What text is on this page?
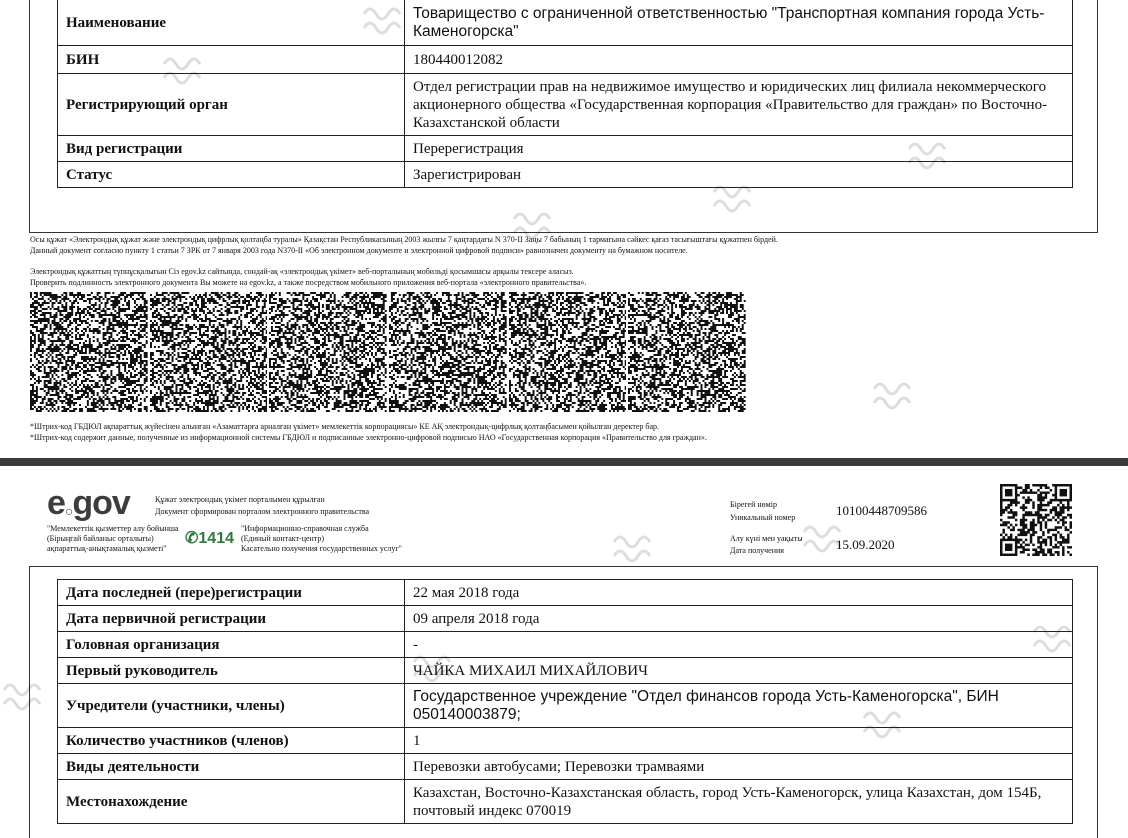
Наименование	Товарищество с ограниченной ответственностью "Транспортная компания города Усть-Каменогорска"
БИН	180440012082
Регистрирующий орган	Отдел регистрации прав на недвижимое имущество и юридических лиц филиала некоммерческого акционерного общества «Государственная корпорация «Правительство для граждан» по Восточно-Казахстанской области
Вид регистрации	Перерегистрация
Статус	Зарегистрирован
Осы құжат «Электрондық құжат және электрондық цифрлық қолтаңба туралы» Қазақстан Республикасының 2003 жылғы 7 қаңтардағы N 370-II Заңы 7 бабының 1 тармағына сәйкес қағаз тасығыштағы құжатпен бірдей.
Данный документ согласно пункту 1 статьи 7 ЗРК от 7 января 2003 года N370-II «Об электронном документе и электронной цифровой подписи» равнозначен документу на бумажном носителе.
Электрондық құжаттың түпнұсқалығын Сіз egov.kz сайтында, сондай-ақ «электрондық үкімет» веб-порталының мобильді қосымшасы арқылы тексере аласыз.
Проверить подлинность электронного документа Вы можете на egov.kz, а также посредством мобильного приложения веб-портала «электронного правительства».
*Штрих-код ГБДЮЛ ақпараттық жүйесінен алынған «Азаматтарға арналған үкімет» мемлекеттік корпорациясы» КЕ АҚ электрондық-цифрлық қолтаңбасымен қойылған деректер бар.
*Штрих-код содержит данные, полученные из информационной системы ГБДЮЛ и подписанные электронно-цифровой подписью НАО «Государственная корпорация «Правительство для граждан».
e○gov	Құжат электрондық үкімет порталымен құрылған
Документ сформирован порталом электронного правительства
"Мемлекеттік қызметтер алу бойынша
(Бірыңғай байланыс орталығы)
ақпараттық-анықтамалық қызметі"
✆1414
"Информационно-справочная служба
(Единый контакт-центр)
Касательно получения государственных услуг"
Бірегей нөмір
Уникальный номер	10100448709586
Алу күні мен уақыты
Дата получения	15.09.2020
Дата последней (пере)регистрации	22 мая 2018 года
Дата первичной регистрации	09 апреля 2018 года
Головная организация	-
Первый руководитель	ЧАЙКА МИХАИЛ МИХАЙЛОВИЧ
Учредители (участники, члены)	Государственное учреждение "Отдел финансов города Усть-Каменогорска", БИН 050140003879;
Количество участников (членов)	1
Виды деятельности	Перевозки автобусами; Перевозки трамваями
Местонахождение	Казахстан, Восточно-Казахстанская область, город Усть-Каменогорск, улица Казахстан, дом 154Б, почтовый индекс 070019
